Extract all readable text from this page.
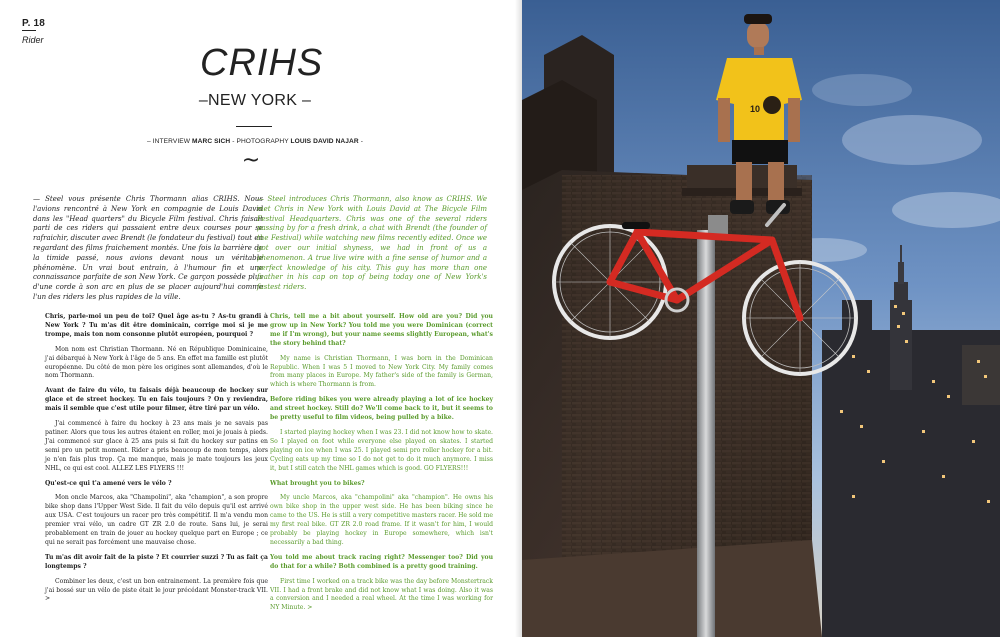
P. 18
Rider
CRIHS
–NEW YORK –
– INTERVIEW MARC SICH - PHOTOGRAPHY LOUIS DAVID NAJAR -
~
— Steel vous présente Chris Thormann alias CRIHS. Nous l'avions rencontré à New York en compagnie de Louis David dans les "Head quarters" du Bicycle Film festival. Chris faisait parti de ces riders qui passaient entre deux courses pour se rafraichir, discuter avec Brendt (le fondateur du festival) tout en regardant des films fraichement montés. Une fois la barrière de la timide passé, nous avions devant nous un véritable phénomène. Un vrai bout entrain, à l'humour fin et une connaissance parfaite de son New York. Ce garçon possède plus d'une corde à son arc en plus de se placer aujourd'hui comme l'un des riders les plus rapides de la ville.
— Steel introduces Chris Thormann, also know as CRIHS. We met Chris in New York with Louis David at The Bicycle Film Festival Headquarters. Chris was one of the several riders passing by for a fresh drink, a chat with Brendt (the founder of the Festival) while watching new films recently edited. Once we got over our initial shyness, we had in front of us a phenomenon. A true live wire with a fine sense of humor and a perfect knowledge of his city. This guy has more than one feather in his cap on top of being today one of New York's fastest riders.

Chris, parle-moi un peu de toi? Quel âge as-tu ? As-tu grandi à New York ? Tu m'as dit être dominicain, corrige moi si je me trompe, mais ton nom consonne plutôt européen, pourquoi ?

Mon nom est Christian Thormann. Né en République Dominicaine, j'ai débarqué à New York à l'âge de 5 ans. En effet ma famille est plutôt européenne. Du côté de mon père les origines sont allemandes, d'où le nom Thormann.

Avant de faire du vélo, tu faisais déjà beaucoup de hockey sur glace et de street hockey. Tu en fais toujours ? On y reviendra, mais il semble que c'est utile pour filmer, être tiré par un vélo.

J'ai commencé à faire du hockey à 23 ans mais je ne savais pas patiner. Alors que tous les autres étaient en roller, moi je jouais à pieds. J'ai commencé sur glace à 25 ans puis si fait du hockey sur patins en semi pro un petit moment. Rider a pris beaucoup de mon temps, alors je n'en fais plus trop. Ça me manque, mais je mate toujours les jeux NHL, ce qui est cool. ALLEZ LES FLYERS !!!

Qu'est-ce qui t'a amené vers le vélo ?

Mon oncle Marcos, aka "Champolini", aka "champion", a son propre bike shop dans l'Upper West Side. Il fait du vélo depuis qu'il est arrivé aux USA. C'est toujours un racer pro très compétitif. Il m'a vendu mon premier vrai vélo, un cadre GT ZR 2.0 de route. Sans lui, je serai probablement en train de jouer au hockey quelque part en Europe ; ce qui ne serait pas forcément une mauvaise chose.

Tu m'as dit avoir fait de la piste ? Et courrier suzzi ? Tu as fait ça longtemps ?

Combiner les deux, c'est un bon entrainement. La première fois que j'ai bossé sur un vélo de piste était le jour précédant Monster-track VII. >

Chris, tell me a bit about yourself. How old are you? Did you grow up in New York? You told me you were Dominican (correct me if I'm wrong), but your name seems slightly European, what's the story behind that?

My name is Christian Thormann, I was born in the Dominican Republic. When I was 5 I moved to New York City. My family comes from many places in Europe. My father's side of the family is German, which is where Thormann is from.

Before riding bikes you were already playing a lot of ice hockey and street hockey. Still do? We'll come back to it, but it seems to be pretty useful to film videos, being pulled by a bike.

I started playing hockey when I was 23. I did not know how to skate. So I played on foot while everyone else played on skates. I started playing on ice when I was 25. I played semi pro roller hockey for a bit. Cycling eats up my time so I do not get to do it much anymore. I miss it, but I still catch the NHL games which is good. GO FLYERS!!!

What brought you to bikes?

My uncle Marcos, aka "champolini" aka "champion". He owns his own bike shop in the upper west side. He has been biking since he came to the US. He is still a very competitive masters racer. He sold me my first real bike. GT ZR 2.0 road frame. If it wasn't for him, I would probably be playing hockey in Europe somewhere, which isn't necessarily a bad thing.

You told me about track racing right? Messenger too? Did you do that for a while? Both combined is a pretty good training.

First time I worked on a track bike was the day before Monstertrack VII. I had a front brake and did not know what I was doing. Also it was a conversion and I needed a real wheel. At the time I was working for NY Minute. >

10
